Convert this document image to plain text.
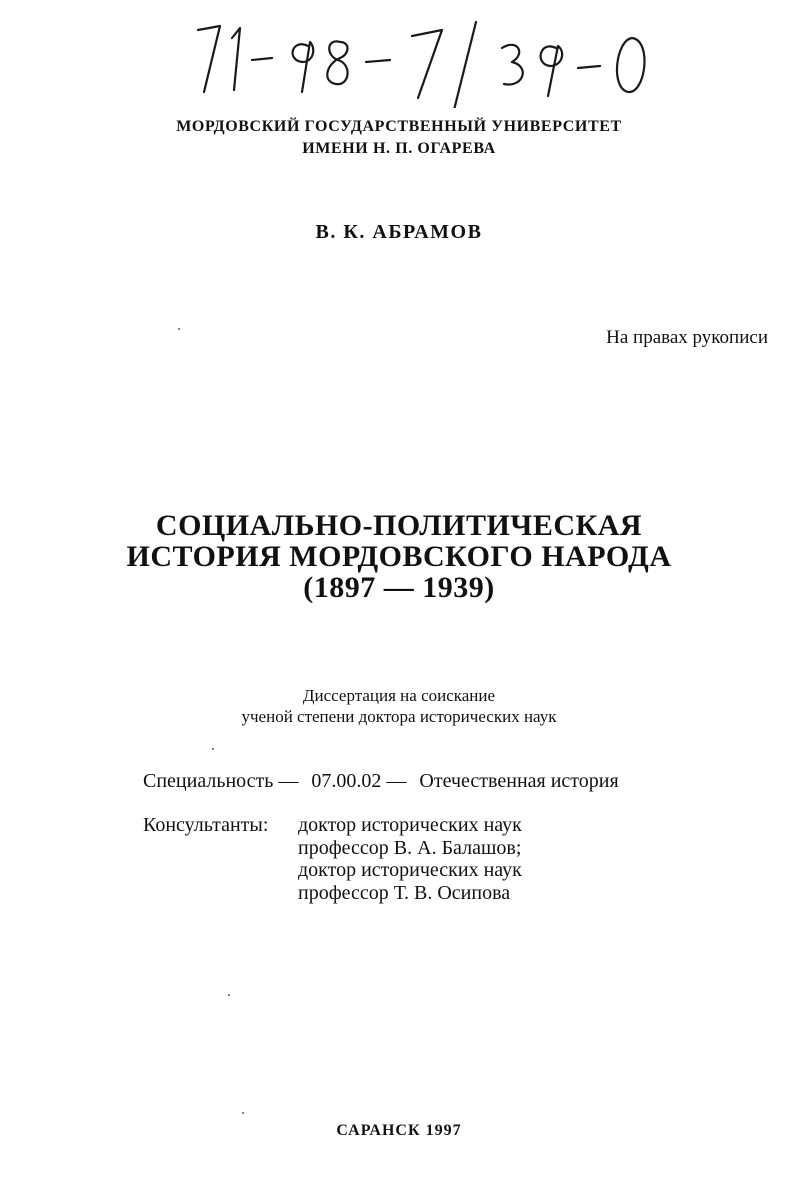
МОРДОВСКИЙ ГОСУДАРСТВЕННЫЙ УНИВЕРСИТЕТ
ИМЕНИ Н. П. ОГАРЕВА
В. К. АБРАМОВ
На правах рукописи
СОЦИАЛЬНО-ПОЛИТИЧЕСКАЯ
ИСТОРИЯ МОРДОВСКОГО НАРОДА
(1897 — 1939)
Диссертация на соискание
ученой степени доктора исторических наук
Специальность — 07.00.02 — Отечественная история
Консультанты: доктор исторических наук
профессор В. А. Балашов;
доктор исторических наук
профессор Т. В. Осипова
САРАНСК 1997
